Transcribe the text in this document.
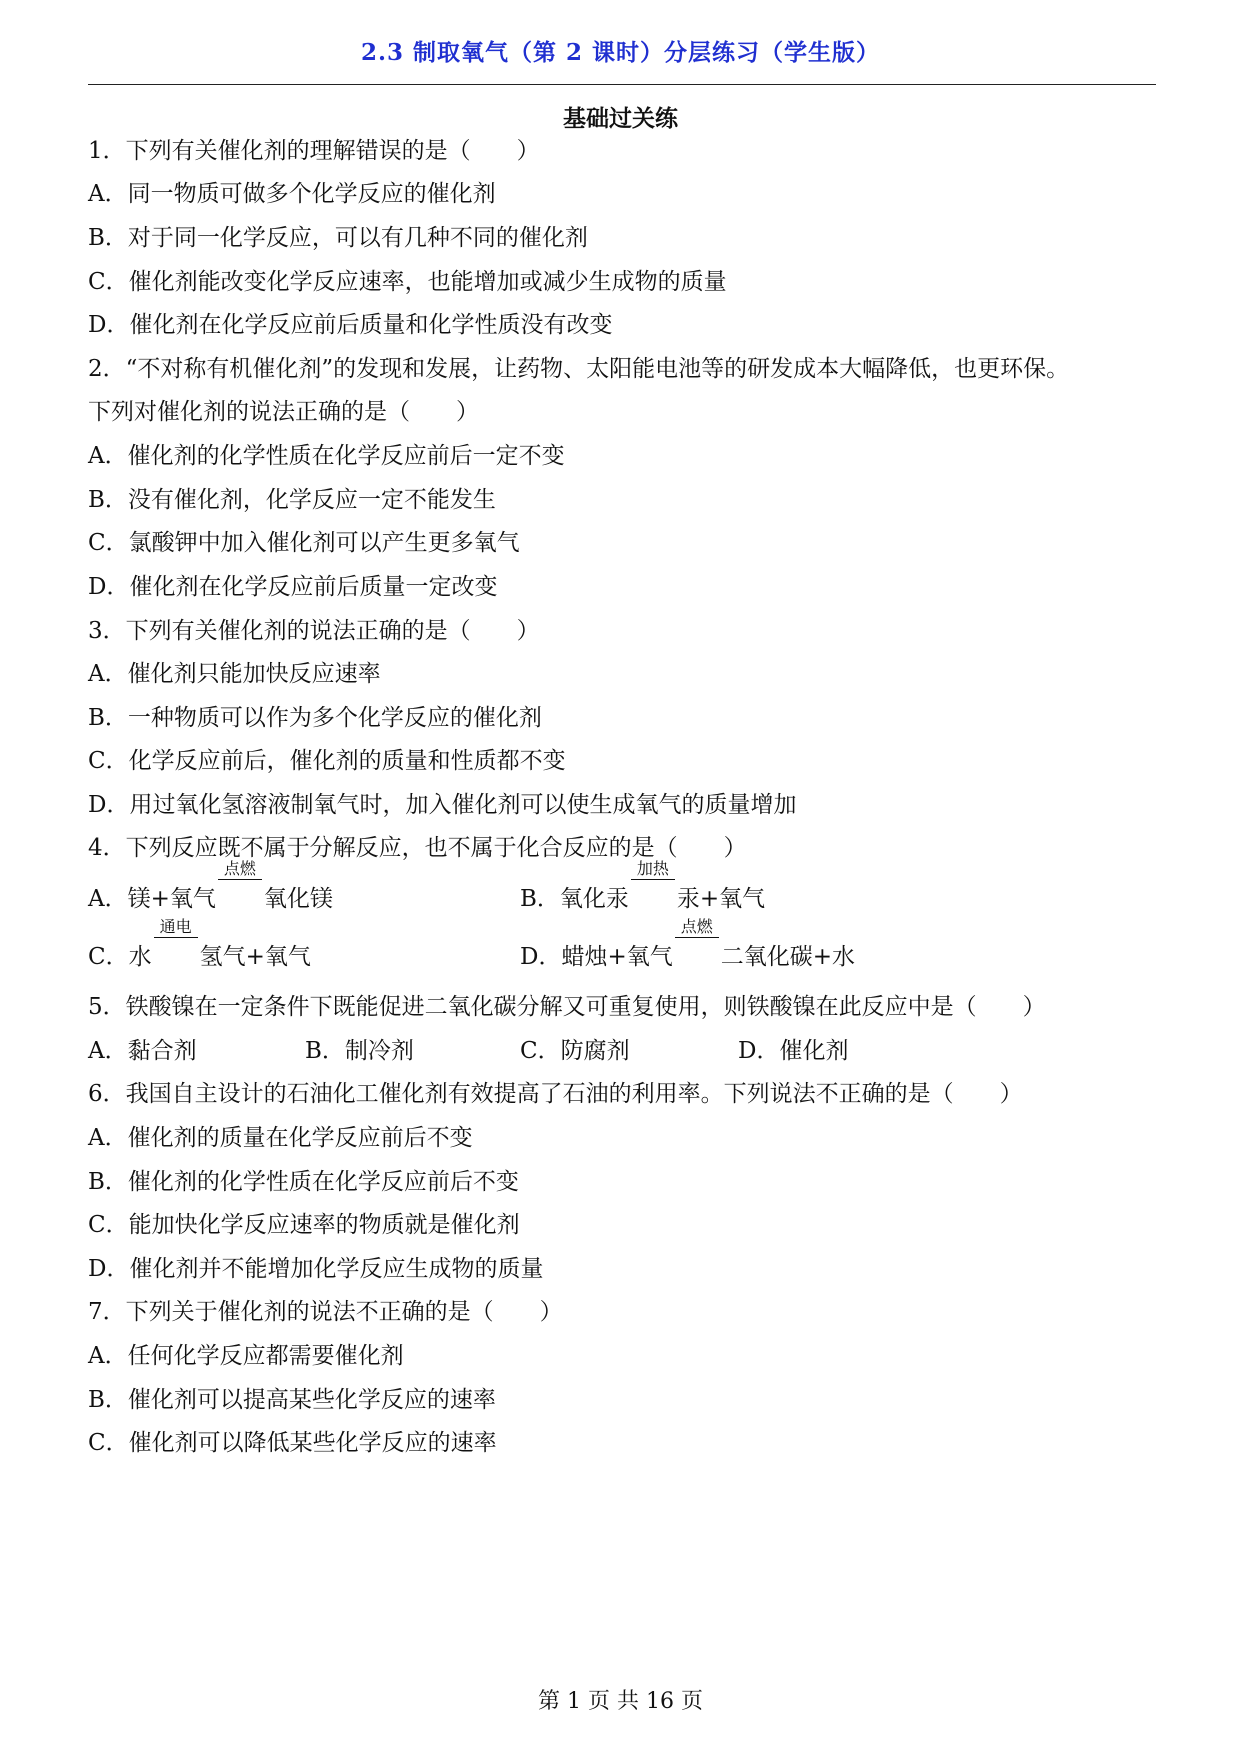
2.3 制取氧气（第 2 课时）分层练习（学生版）
基础过关练
1．下列有关催化剂的理解错误的是（　　）
A．同一物质可做多个化学反应的催化剂
B．对于同一化学反应，可以有几种不同的催化剂
C．催化剂能改变化学反应速率，也能增加或减少生成物的质量
D．催化剂在化学反应前后质量和化学性质没有改变
2．“不对称有机催化剂”的发现和发展，让药物、太阳能电池等的研发成本大幅降低，也更环保。
下列对催化剂的说法正确的是（　　）
A．催化剂的化学性质在化学反应前后一定不变
B．没有催化剂，化学反应一定不能发生
C．氯酸钾中加入催化剂可以产生更多氧气
D．催化剂在化学反应前后质量一定改变
3．下列有关催化剂的说法正确的是（　　）
A．催化剂只能加快反应速率
B．一种物质可以作为多个化学反应的催化剂
C．化学反应前后，催化剂的质量和性质都不变
D．用过氧化氢溶液制氧气时，加入催化剂可以使生成氧气的质量增加
4．下列反应既不属于分解反应，也不属于化合反应的是（　　）
A．镁+氧气
点燃
氧化镁	B．氧化汞
加热
汞+氧气
C．水
通电
氢气+氧气	D．蜡烛+氧气
点燃
二氧化碳+水
5．铁酸镍在一定条件下既能促进二氧化碳分解又可重复使用，则铁酸镍在此反应中是（　　）
A．黏合剂	B．制冷剂	C．防腐剂	D．催化剂
6．我国自主设计的石油化工催化剂有效提高了石油的利用率。下列说法不正确的是（　　）
A．催化剂的质量在化学反应前后不变
B．催化剂的化学性质在化学反应前后不变
C．能加快化学反应速率的物质就是催化剂
D．催化剂并不能增加化学反应生成物的质量
7．下列关于催化剂的说法不正确的是（　　）
A．任何化学反应都需要催化剂
B．催化剂可以提高某些化学反应的速率
C．催化剂可以降低某些化学反应的速率
第 1 页 共 16 页
